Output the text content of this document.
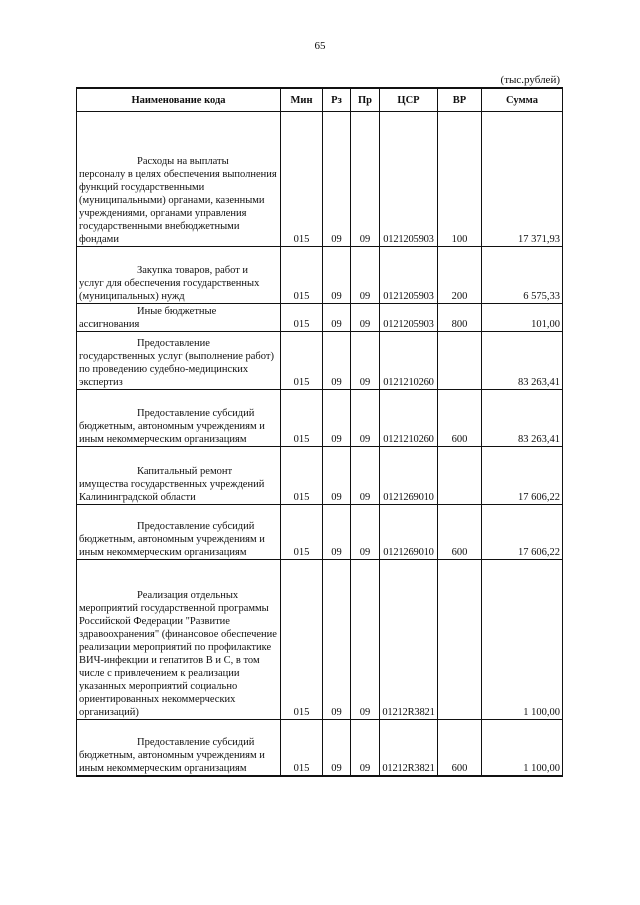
65
(тыс.рублей)
Наименование кода	Мин	Рз	Пр	ЦСР	ВР	Сумма

Расходы на выплаты
персоналу в целях обеспечения выполнения функций государственными (муниципальными) органами, казенными учреждениями, органами управления государственными внебюджетными фондами	015	09	09	0121205903	100	17 371,93

Закупка товаров, работ и
услуг для обеспечения государственных (муниципальных) нужд	015	09	09	0121205903	200	6 575,33

Иные бюджетные
ассигнования	015	09	09	0121205903	800	101,00

Предоставление
государственных услуг (выполнение работ) по проведению судебно-медицинских экспертиз	015	09	09	0121210260		83 263,41

Предоставление субсидий
бюджетным, автономным учреждениям и иным некоммерческим организациям	015	09	09	0121210260	600	83 263,41

Капитальный ремонт
имущества государственных учреждений Калининградской области	015	09	09	0121269010		17 606,22

Предоставление субсидий
бюджетным, автономным учреждениям и иным некоммерческим организациям	015	09	09	0121269010	600	17 606,22

Реализация отдельных
мероприятий государственной программы Российской Федерации "Развитие здравоохранения" (финансовое обеспечение реализации мероприятий по профилактике ВИЧ-инфекции и гепатитов B и C, в том числе с привлечением к реализации указанных мероприятий социально ориентированных некоммерческих организаций)	015	09	09	01212R3821		1 100,00

Предоставление субсидий
бюджетным, автономным учреждениям и иным некоммерческим организациям	015	09	09	01212R3821	600	1 100,00
